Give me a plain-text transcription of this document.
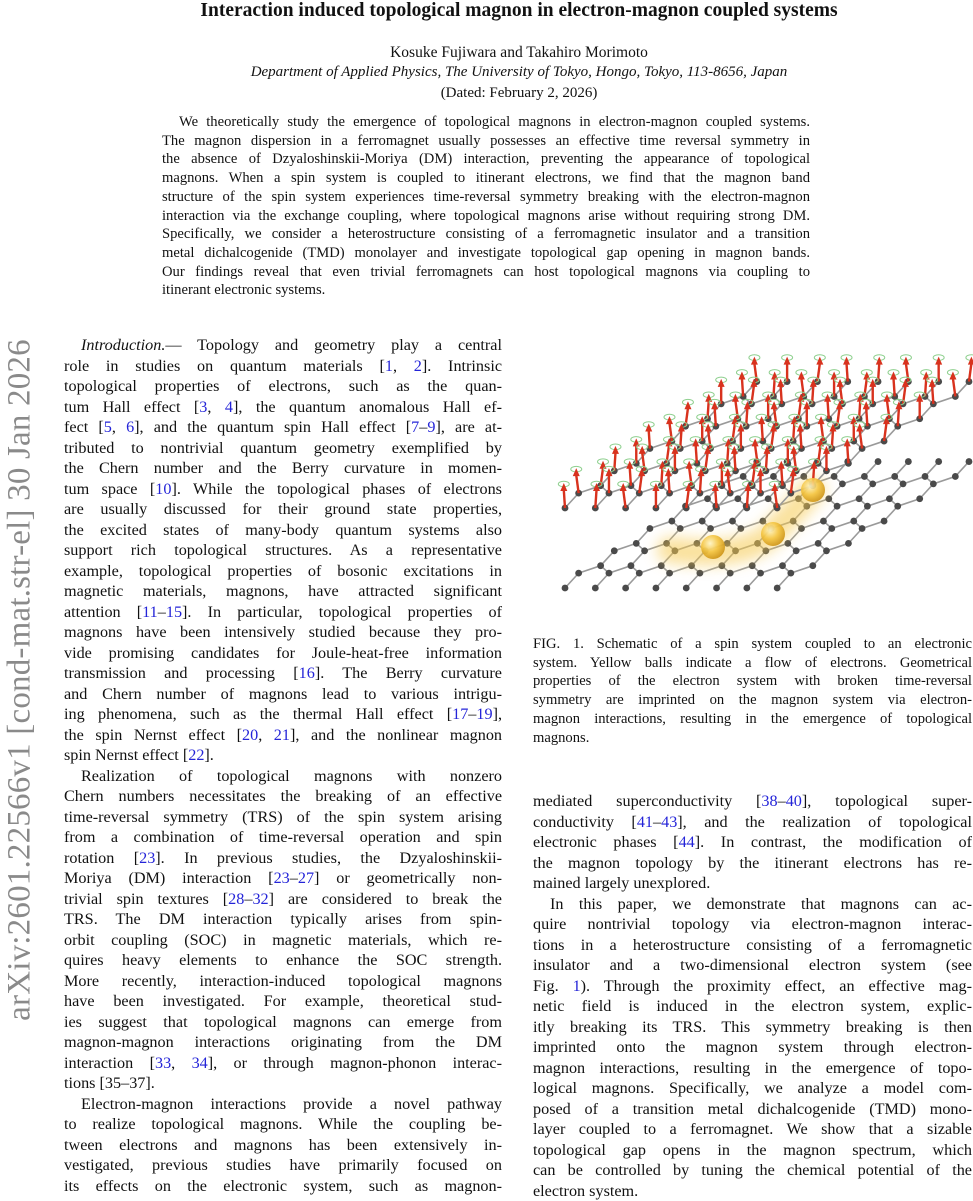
arXiv:2601.22566v1 [cond-mat.str-el] 30 Jan 2026
Interaction induced topological magnon in electron-magnon coupled systems
Kosuke Fujiwara and Takahiro Morimoto
Department of Applied Physics, The University of Tokyo, Hongo, Tokyo, 113-8656, Japan
(Dated: February 2, 2026)
We theoretically study the emergence of topological magnons in electron-magnon coupled systems.
The magnon dispersion in a ferromagnet usually possesses an effective time reversal symmetry in
the absence of Dzyaloshinskii-Moriya (DM) interaction, preventing the appearance of topological
magnons. When a spin system is coupled to itinerant electrons, we find that the magnon band
structure of the spin system experiences time-reversal symmetry breaking with the electron-magnon
interaction via the exchange coupling, where topological magnons arise without requiring strong DM.
Specifically, we consider a heterostructure consisting of a ferromagnetic insulator and a transition
metal dichalcogenide (TMD) monolayer and investigate topological gap opening in magnon bands.
Our findings reveal that even trivial ferromagnets can host topological magnons via coupling to
itinerant electronic systems.
Introduction.— Topology and geometry play a central
role in studies on quantum materials [1, 2]. Intrinsic
topological properties of electrons, such as the quan-
tum Hall effect [3, 4], the quantum anomalous Hall ef-
fect [5, 6], and the quantum spin Hall effect [7–9], are at-
tributed to nontrivial quantum geometry exemplified by
the Chern number and the Berry curvature in momen-
tum space [10]. While the topological phases of electrons
are usually discussed for their ground state properties,
the excited states of many-body quantum systems also
support rich topological structures. As a representative
example, topological properties of bosonic excitations in
magnetic materials, magnons, have attracted significant
attention [11–15]. In particular, topological properties of
magnons have been intensively studied because they pro-
vide promising candidates for Joule-heat-free information
transmission and processing [16]. The Berry curvature
and Chern number of magnons lead to various intrigu-
ing phenomena, such as the thermal Hall effect [17–19],
the spin Nernst effect [20, 21], and the nonlinear magnon
spin Nernst effect [22].
Realization of topological magnons with nonzero
Chern numbers necessitates the breaking of an effective
time-reversal symmetry (TRS) of the spin system arising
from a combination of time-reversal operation and spin
rotation [23]. In previous studies, the Dzyaloshinskii-
Moriya (DM) interaction [23–27] or geometrically non-
trivial spin textures [28–32] are considered to break the
TRS. The DM interaction typically arises from spin-
orbit coupling (SOC) in magnetic materials, which re-
quires heavy elements to enhance the SOC strength.
More recently, interaction-induced topological magnons
have been investigated. For example, theoretical stud-
ies suggest that topological magnons can emerge from
magnon-magnon interactions originating from the DM
interaction [33, 34], or through magnon-phonon interac-
tions [35–37].
Electron-magnon interactions provide a novel pathway
to realize topological magnons. While the coupling be-
tween electrons and magnons has been extensively in-
vestigated, previous studies have primarily focused on
its effects on the electronic system, such as magnon-
mediated superconductivity [38–40], topological super-
conductivity [41–43], and the realization of topological
electronic phases [44]. In contrast, the modification of
the magnon topology by the itinerant electrons has re-
mained largely unexplored.
In this paper, we demonstrate that magnons can ac-
quire nontrivial topology via electron-magnon interac-
tions in a heterostructure consisting of a ferromagnetic
insulator and a two-dimensional electron system (see
Fig. 1). Through the proximity effect, an effective mag-
netic field is induced in the electron system, explic-
itly breaking its TRS. This symmetry breaking is then
imprinted onto the magnon system through electron-
magnon interactions, resulting in the emergence of topo-
logical magnons. Specifically, we analyze a model com-
posed of a transition metal dichalcogenide (TMD) mono-
layer coupled to a ferromagnet. We show that a sizable
topological gap opens in the magnon spectrum, which
can be controlled by tuning the chemical potential of the
electron system.
FIG. 1. Schematic of a spin system coupled to an electronic
system. Yellow balls indicate a flow of electrons. Geometrical
properties of the electron system with broken time-reversal
symmetry are imprinted on the magnon system via electron-
magnon interactions, resulting in the emergence of topological
magnons.
